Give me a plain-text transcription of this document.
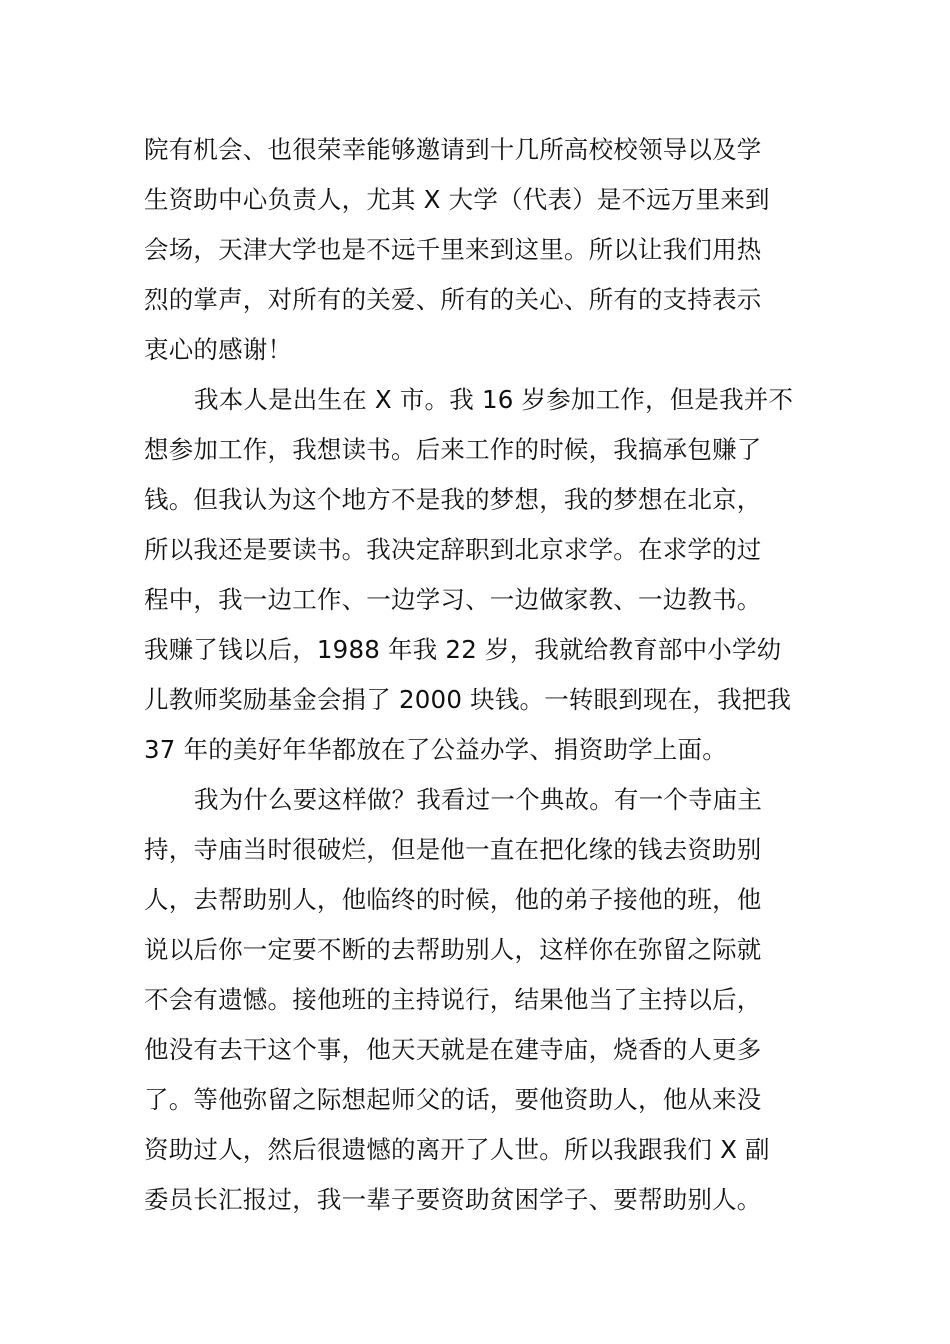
院有机会、也很荣幸能够邀请到十几所高校校领导以及学
生资助中心负责人，尤其 X 大学（代表）是不远万里来到
会场，天津大学也是不远千里来到这里。所以让我们用热
烈的掌声，对所有的关爱、所有的关心、所有的支持表示
衷心的感谢！

我本人是出生在 X 市。我 16 岁参加工作，但是我并不
想参加工作，我想读书。后来工作的时候，我搞承包赚了
钱。但我认为这个地方不是我的梦想，我的梦想在北京，
所以我还是要读书。我决定辞职到北京求学。在求学的过
程中，我一边工作、一边学习、一边做家教、一边教书。
我赚了钱以后，1988 年我 22 岁，我就给教育部中小学幼
儿教师奖励基金会捐了 2000 块钱。一转眼到现在，我把我
37 年的美好年华都放在了公益办学、捐资助学上面。

我为什么要这样做？我看过一个典故。有一个寺庙主
持，寺庙当时很破烂，但是他一直在把化缘的钱去资助别
人，去帮助别人，他临终的时候，他的弟子接他的班，他
说以后你一定要不断的去帮助别人，这样你在弥留之际就
不会有遗憾。接他班的主持说行，结果他当了主持以后，
他没有去干这个事，他天天就是在建寺庙，烧香的人更多
了。等他弥留之际想起师父的话，要他资助人，他从来没
资助过人，然后很遗憾的离开了人世。所以我跟我们 X 副
委员长汇报过，我一辈子要资助贫困学子、要帮助别人。
